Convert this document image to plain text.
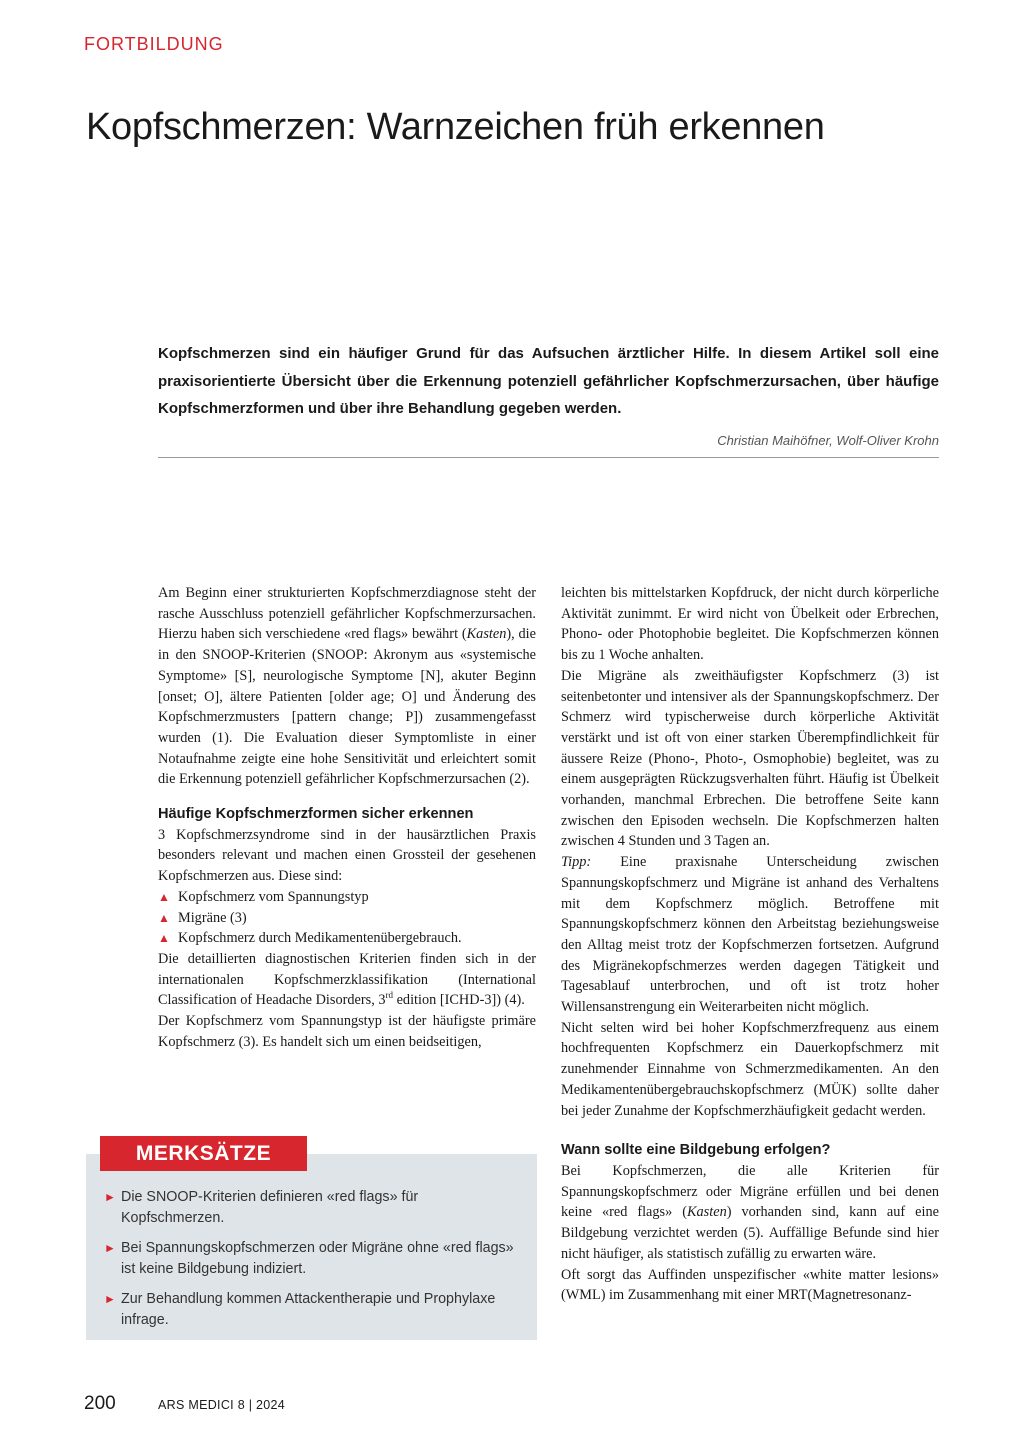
FORTBILDUNG
Kopfschmerzen: Warnzeichen früh erkennen

Kopfschmerzen sind ein häufiger Grund für das Aufsuchen ärztlicher Hilfe. In diesem Artikel soll eine praxisorientierte Übersicht über die Erkennung potenziell gefährlicher Kopfschmerzursachen, über häufige Kopfschmerzformen und über ihre Behandlung gegeben werden.

Christian Maihöfner, Wolf-Oliver Krohn

Am Beginn einer strukturierten Kopfschmerzdiagnose steht der rasche Ausschluss potenziell gefährlicher Kopfschmerzursachen. Hierzu haben sich verschiedene «red flags» bewährt (Kasten), die in den SNOOP-Kriterien (SNOOP: Akronym aus «systemische Symptome» [S], neurologische Symptome [N], akuter Beginn [onset; O], ältere Patienten [older age; O] und Änderung des Kopfschmerzmusters [pattern change; P]) zusammengefasst wurden (1). Die Evaluation dieser Symptomliste in einer Notaufnahme zeigte eine hohe Sensitivität und erleichtert somit die Erkennung potenziell gefährlicher Kopfschmerzursachen (2).

Häufige Kopfschmerzformen sicher erkennen

3 Kopfschmerzsyndrome sind in der hausärztlichen Praxis besonders relevant und machen einen Grossteil der gesehenen Kopfschmerzen aus. Diese sind:

▲ Kopfschmerz vom Spannungstyp
▲ Migräne (3)
▲ Kopfschmerz durch Medikamentenübergebrauch.

Die detaillierten diagnostischen Kriterien finden sich in der internationalen Kopfschmerzklassifikation (International Classification of Headache Disorders, 3rd edition [ICHD-3]) (4).

Der Kopfschmerz vom Spannungstyp ist der häufigste primäre Kopfschmerz (3). Es handelt sich um einen beidseitigen,

leichten bis mittelstarken Kopfdruck, der nicht durch körperliche Aktivität zunimmt. Er wird nicht von Übelkeit oder Erbrechen, Phono- oder Photophobie begleitet. Die Kopfschmerzen können bis zu 1 Woche anhalten.

Die Migräne als zweithäufigster Kopfschmerz (3) ist seitenbetonter und intensiver als der Spannungskopfschmerz. Der Schmerz wird typischerweise durch körperliche Aktivität verstärkt und ist oft von einer starken Überempfindlichkeit für äussere Reize (Phono-, Photo-, Osmophobie) begleitet, was zu einem ausgeprägten Rückzugsverhalten führt. Häufig ist Übelkeit vorhanden, manchmal Erbrechen. Die betroffene Seite kann zwischen den Episoden wechseln. Die Kopfschmerzen halten zwischen 4 Stunden und 3 Tagen an.

Tipp: Eine praxisnahe Unterscheidung zwischen Spannungskopfschmerz und Migräne ist anhand des Verhaltens mit dem Kopfschmerz möglich. Betroffene mit Spannungskopfschmerz können den Arbeitstag beziehungsweise den Alltag meist trotz der Kopfschmerzen fortsetzen. Aufgrund des Migränekopfschmerzes werden dagegen Tätigkeit und Tagesablauf unterbrochen, und oft ist trotz hoher Willensanstrengung ein Weiterarbeiten nicht möglich.

Nicht selten wird bei hoher Kopfschmerzfrequenz aus einem hochfrequenten Kopfschmerz ein Dauerkopfschmerz mit zunehmender Einnahme von Schmerzmedikamenten. An den Medikamentenübergebrauchskopfschmerz (MÜK) sollte daher bei jeder Zunahme der Kopfschmerzhäufigkeit gedacht werden.

Wann sollte eine Bildgebung erfolgen?

Bei Kopfschmerzen, die alle Kriterien für Spannungskopfschmerz oder Migräne erfüllen und bei denen keine «red flags» (Kasten) vorhanden sind, kann auf eine Bildgebung verzichtet werden (5). Auffällige Befunde sind hier nicht häufiger, als statistisch zufällig zu erwarten wäre.

Oft sorgt das Auffinden unspezifischer «white matter lesions» (WML) im Zusammenhang mit einer MRT(Magnetresonanz-

MERKSÄTZE
► Die SNOOP-Kriterien definieren «red flags» für Kopfschmerzen.
► Bei Spannungskopfschmerzen oder Migräne ohne «red flags» ist keine Bildgebung indiziert.
► Zur Behandlung kommen Attackentherapie und Prophylaxe infrage.
200	ARS MEDICI 8 | 2024
